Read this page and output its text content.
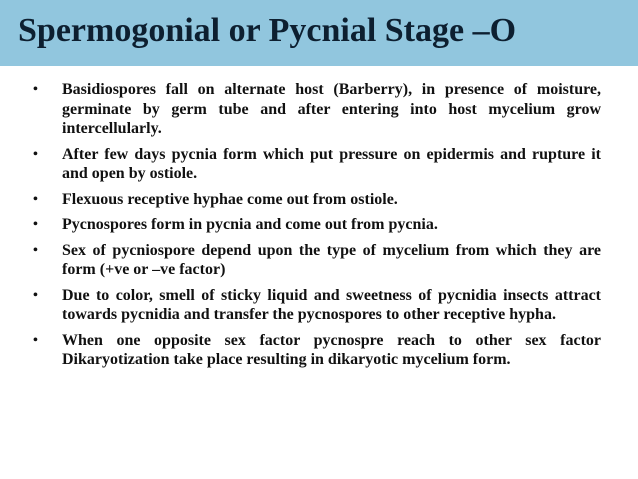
Spermogonial or Pycnial Stage –O
• Basidiospores fall on alternate host (Barberry), in presence of moisture, germinate by germ tube and after entering into host mycelium grow intercellularly.
• After few days pycnia form which put pressure on epidermis and rupture it and open by ostiole.
• Flexuous receptive hyphae come out from ostiole.
• Pycnospores form in pycnia and come out from pycnia.
• Sex of pycniospore depend upon the type of mycelium from which they are form (+ve or –ve factor)
• Due to color, smell of sticky liquid and sweetness of pycnidia insects attract towards pycnidia and transfer the pycnospores to other receptive hypha.
• When one opposite sex factor pycnospre reach to other sex factor Dikaryotization take place resulting in dikaryotic mycelium form.
